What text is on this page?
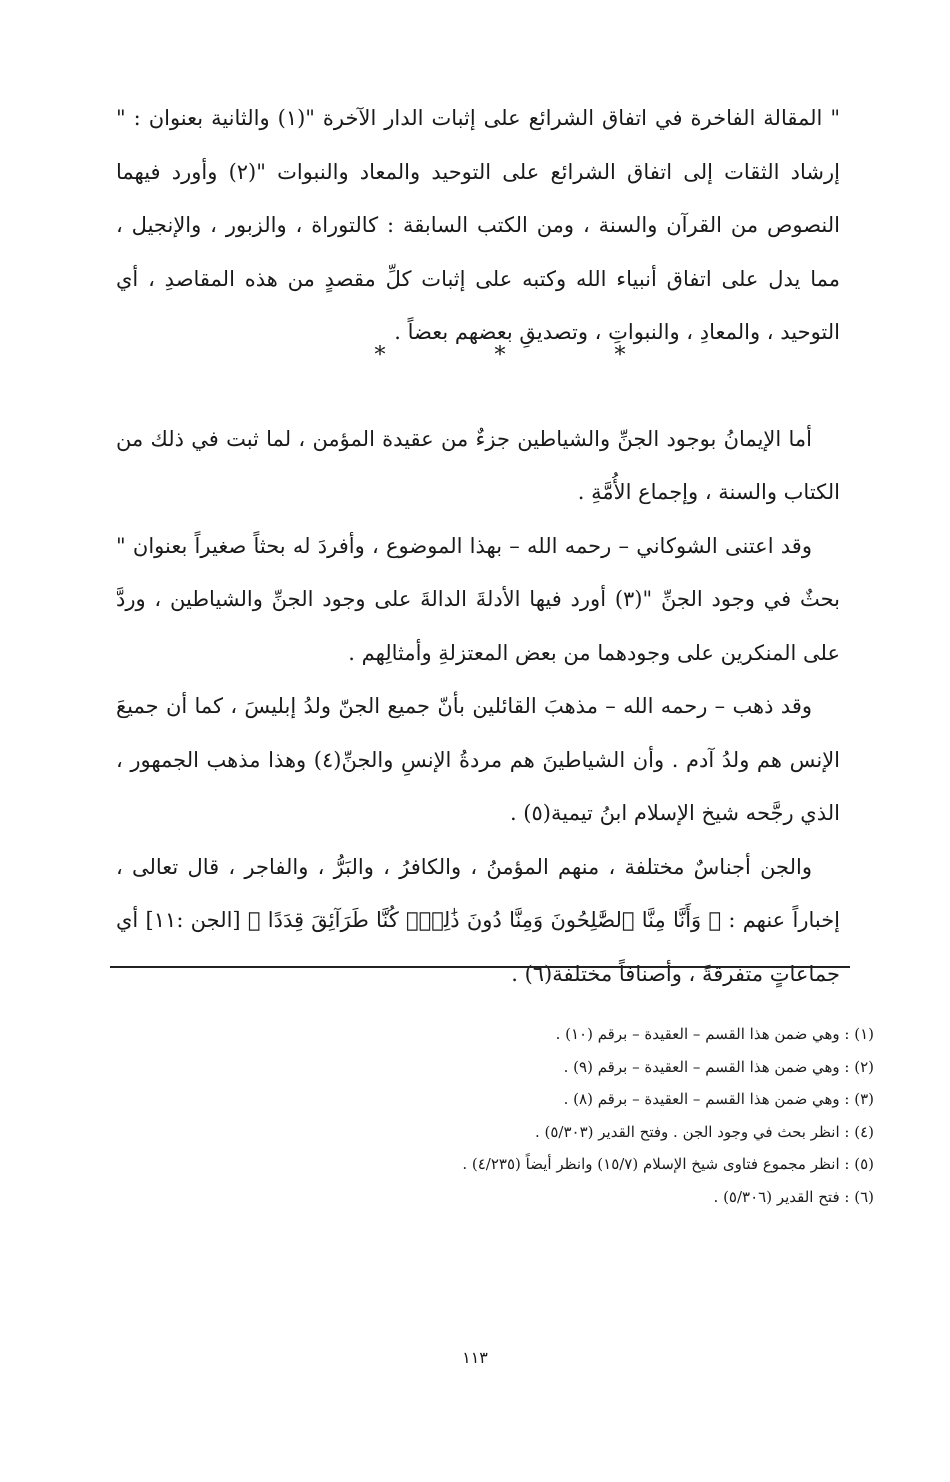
" المقالة الفاخرة في اتفاق الشرائع على إثبات الدار الآخرة "(١) والثانية بعنوان : " إرشاد الثقات إلى اتفاق الشرائع على التوحيد والمعاد والنبوات "(٢) وأورد فيهما النصوص من القرآن والسنة ، ومن الكتب السابقة : كالتوراة ، والزبور ، والإنجيل ، مما يدل على اتفاق أنبياء الله وكتبه على إثبات كلِّ مقصدٍ من هذه المقاصدِ ، أي التوحيد ، والمعادِ ، والنبواتِ ، وتصديقِ بعضهم بعضاً .

أما الإيمانُ بوجود الجنِّ والشياطين جزءٌ من عقيدة المؤمن ، لما ثبت في ذلك من الكتاب والسنة ، وإجماع الأُمَّةِ .

وقد اعتنى الشوكاني – رحمه الله – بهذا الموضوع ، وأفردَ له بحثاً صغيراً بعنوان " بحثٌ في وجود الجنِّ "(٣) أورد فيها الأدلةَ الدالةَ على وجود الجنِّ والشياطين ، وردَّ على المنكرين على وجودهما من بعض المعتزلةِ وأمثالِهم .

وقد ذهب – رحمه الله – مذهبَ القائلين بأنّ جميع الجنّ ولدُ إبليسَ ، كما أن جميعَ الإنس هم ولدُ آدم . وأن الشياطينَ هم مردةُ الإنسِ والجنِّ(٤) وهذا مذهب الجمهور ، الذي رجَّحه شيخ الإسلام ابنُ تيمية(٥) .

والجن أجناسٌ مختلفة ، منهم المؤمنُ ، والكافرُ ، والبَرُّ ، والفاجر ، قال تعالى ، إخباراً عنهم : ﴿ وَأَنَّا مِنَّا ٱلصَّٰلِحُونَ وَمِنَّا دُونَ ذَٰلِكَۖ كُنَّا طَرَآئِقَ قِدَدًا ﴾ [الجن :١١] أي جماعاتٍ متفرقةً ، وأصنافاً مختلفة(٦) .

*
*
*

(١) : وهي ضمن هذا القسم – العقيدة – برقم (١٠) .

(٢) : وهي ضمن هذا القسم – العقيدة – برقم (٩) .

(٣) : وهي ضمن هذا القسم – العقيدة – برقم (٨) .

(٤) : انظر بحث في وجود الجن . وفتح القدير (٥/٣٠٣) .

(٥) : انظر مجموع فتاوى شيخ الإسلام (١٥/٧) وانظر أيضاً (٤/٢٣٥) .

(٦) : فتح القدير (٥/٣٠٦) .

١١٣
